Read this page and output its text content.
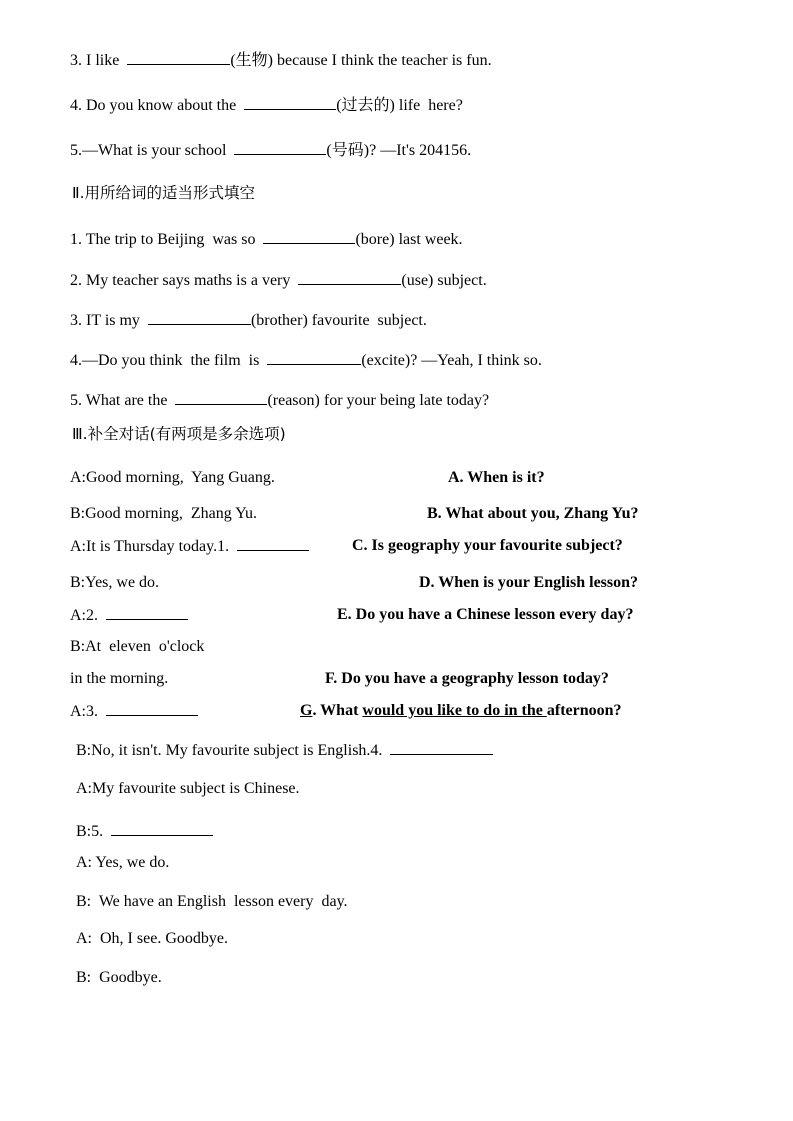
3. I like	(生物) because I think the teacher is fun.
4. Do you know about the	(过去的) life  here?
5.—What is your school	(号码)? —It's 204156.
Ⅱ.用所给词的适当形式填空
1. The trip to Beijing  was so	(bore) last week.
2. My teacher says maths is a very	(use) subject.
3. IT is my	(brother) favourite  subject.
4.—Do you think  the film  is	(excite)? —Yeah, I think so.
5. What are the	(reason) for your being late today?
Ⅲ.补全对话(有两项是多余选项)
A:Good morning,  Yang Guang.
B:Good morning,  Zhang Yu.
A:It is Thursday today.1.
B:Yes, we do.
A:2.
B:At  eleven  o'clock
in the morning.
A:3.
B:No, it isn't. My favourite subject is English.4.
A:My favourite subject is Chinese.
B:5.
A: Yes, we do.
B:  We have an English  lesson every  day.
A:  Oh, I see. Goodbye.
B:  Goodbye.
A. When is it?
B. What about you, Zhang Yu?
C. Is geography your favourite subject?
D. When is your English lesson?
E. Do you have a Chinese lesson every day?
F. Do you have a geography lesson today?
G. What would you like to do in the afternoon?
